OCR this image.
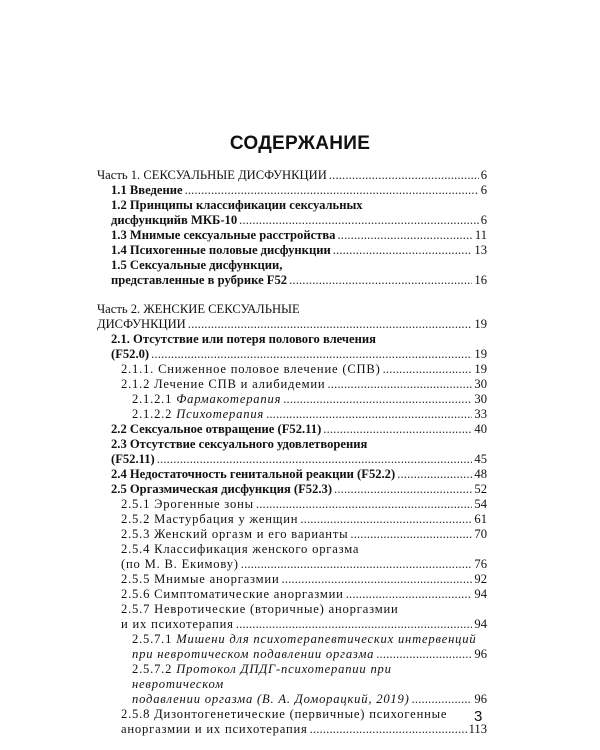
СОДЕРЖАНИЕ
Часть 1. СЕКСУАЛЬНЫЕ ДИСФУНКЦИИ . . .	6
1.1 Введение . . .	6
1.2 Принципы классификации сексуальных
дисфункцийв МКБ-10 . . .	6
1.3 Мнимые сексуальные расстройства . . .	11
1.4 Психогенные половые дисфункции . . .	13
1.5 Сексуальные дисфункции,
представленные в рубрике F52 . . .	16
Часть 2. ЖЕНСКИЕ СЕКСУАЛЬНЫЕ
ДИСФУНКЦИИ . . .	19
2.1. Отсутствие или потеря полового влечения
(F52.0) . . .	19
2.1.1. Сниженное половое влечение (СПВ) . . .	19
2.1.2 Лечение СПВ и алибидемии . . .	30
2.1.2.1 Фармакотерапия . . .	30
2.1.2.2 Психотерапия . . .	33
2.2 Сексуальное отвращение (F52.11) . . .	40
2.3 Отсутствие сексуального удовлетворения
(F52.11) . . .	45
2.4 Недостаточность генитальной реакции (F52.2) . . .	48
2.5 Оргазмическая дисфункция (F52.3) . . .	52
2.5.1 Эрогенные зоны . . .	54
2.5.2 Мастурбация у женщин . . .	61
2.5.3 Женский оргазм и его варианты . . .	70
2.5.4 Классификация женского оргазма
(по М. В. Екимову) . . .	76
2.5.5 Мнимые аноргазмии . . .	92
2.5.6 Симптоматические аноргазмии . . .	94
2.5.7 Невротические (вторичные) аноргазмии
и их психотерапия . . .	94
2.5.7.1 Мишени для психотерапевтических интервенций
при невротическом подавлении оргазма . . .	96
2.5.7.2 Протокол ДПДГ-психотерапии при невротическом
подавлении оргазма (В. А. Доморацкий, 2019) . . .	96
2.5.8 Дизонтогенетические (первичные) психогенные
аноргазмии и их психотерапия . . .	113
3
